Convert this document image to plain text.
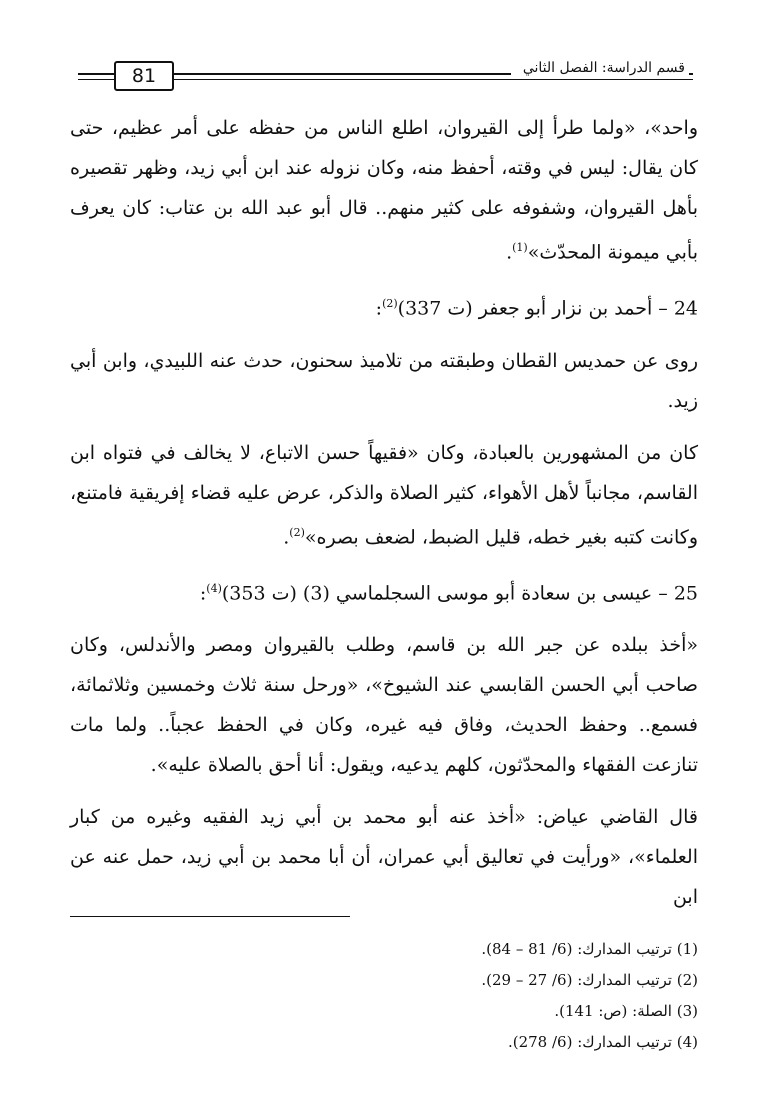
81	قسم الدراسة: الفصل الثاني

واحد»، «ولما طرأ إلى القيروان، اطلع الناس من حفظه على أمر عظيم، حتى كان يقال: ليس في وقته، أحفظ منه، وكان نزوله عند ابن أبي زيد، وظهر تقصيره بأهل القيروان، وشفوفه على كثير منهم.. قال أبو عبد الله بن عتاب: كان يعرف بأبي ميمونة المحدّث»$^{(1)}$.

24 – أحمد بن نزار أبو جعفر (ت 337)$^{(2)}$:

روى عن حمديس القطان وطبقته من تلاميذ سحنون، حدث عنه اللبيدي، وابن أبي زيد.

كان من المشهورين بالعبادة، وكان «فقيهاً حسن الاتباع، لا يخالف في فتواه ابن القاسم، مجانباً لأهل الأهواء، كثير الصلاة والذكر، عرض عليه قضاء إفريقية فامتنع، وكانت كتبه بغير خطه، قليل الضبط، لضعف بصره»$^{(2)}$.

25 – عيسى بن سعادة أبو موسى السجلماسي (3) (ت 353)$^{(4)}$:

«أخذ ببلده عن جبر الله بن قاسم، وطلب بالقيروان ومصر والأندلس، وكان صاحب أبي الحسن القابسي عند الشيوخ»، «ورحل سنة ثلاث وخمسين وثلاثمائة، فسمع.. وحفظ الحديث، وفاق فيه غيره، وكان في الحفظ عجباً.. ولما مات تنازعت الفقهاء والمحدّثون، كلهم يدعيه، ويقول: أنا أحق بالصلاة عليه».

قال القاضي عياض: «أخذ عنه أبو محمد بن أبي زيد الفقيه وغيره من كبار العلماء»، «ورأيت في تعاليق أبي عمران، أن أبا محمد بن أبي زيد، حمل عنه عن ابن

(1) ترتيب المدارك: (6/ 81 – 84).
(2) ترتيب المدارك: (6/ 27 – 29).
(3) الصلة: (ص: 141).
(4) ترتيب المدارك: (6/ 278).
